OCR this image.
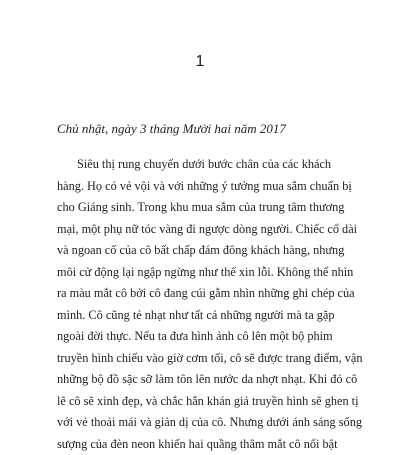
1
Chủ nhật, ngày 3 tháng Mười hai năm 2017
Siêu thị rung chuyển dưới bước chân của các khách
hàng. Họ có vẻ vội và với những ý tưởng mua sắm chuẩn bị
cho Giáng sinh. Trong khu mua sắm của trung tâm thương
mại, một phụ nữ tóc vàng đi ngược dòng người. Chiếc cổ dài
và ngoan cố của cô bất chấp đám đông khách hàng, nhưng
môi cử động lại ngập ngừng như thể xin lỗi. Không thể nhìn
ra màu mắt cô bởi cô đang cúi gằm nhìn những ghi chép của
mình. Cô cũng tẻ nhạt như tất cả những người mà ta gặp
ngoài đời thực. Nếu ta đưa hình ảnh cô lên một bộ phim
truyền hình chiếu vào giờ cơm tối, cô sẽ được trang điểm, vận
những bộ đồ sặc sỡ làm tôn lên nước da nhợt nhạt. Khi đó cô
lẽ cô sẽ xinh đẹp, và chắc hẳn khán giả truyền hình sẽ ghen tị
với vẻ thoải mái và giản dị của cô. Nhưng dưới ánh sáng sống
sượng của đèn neon khiến hai quầng thâm mắt cô nổi bật
